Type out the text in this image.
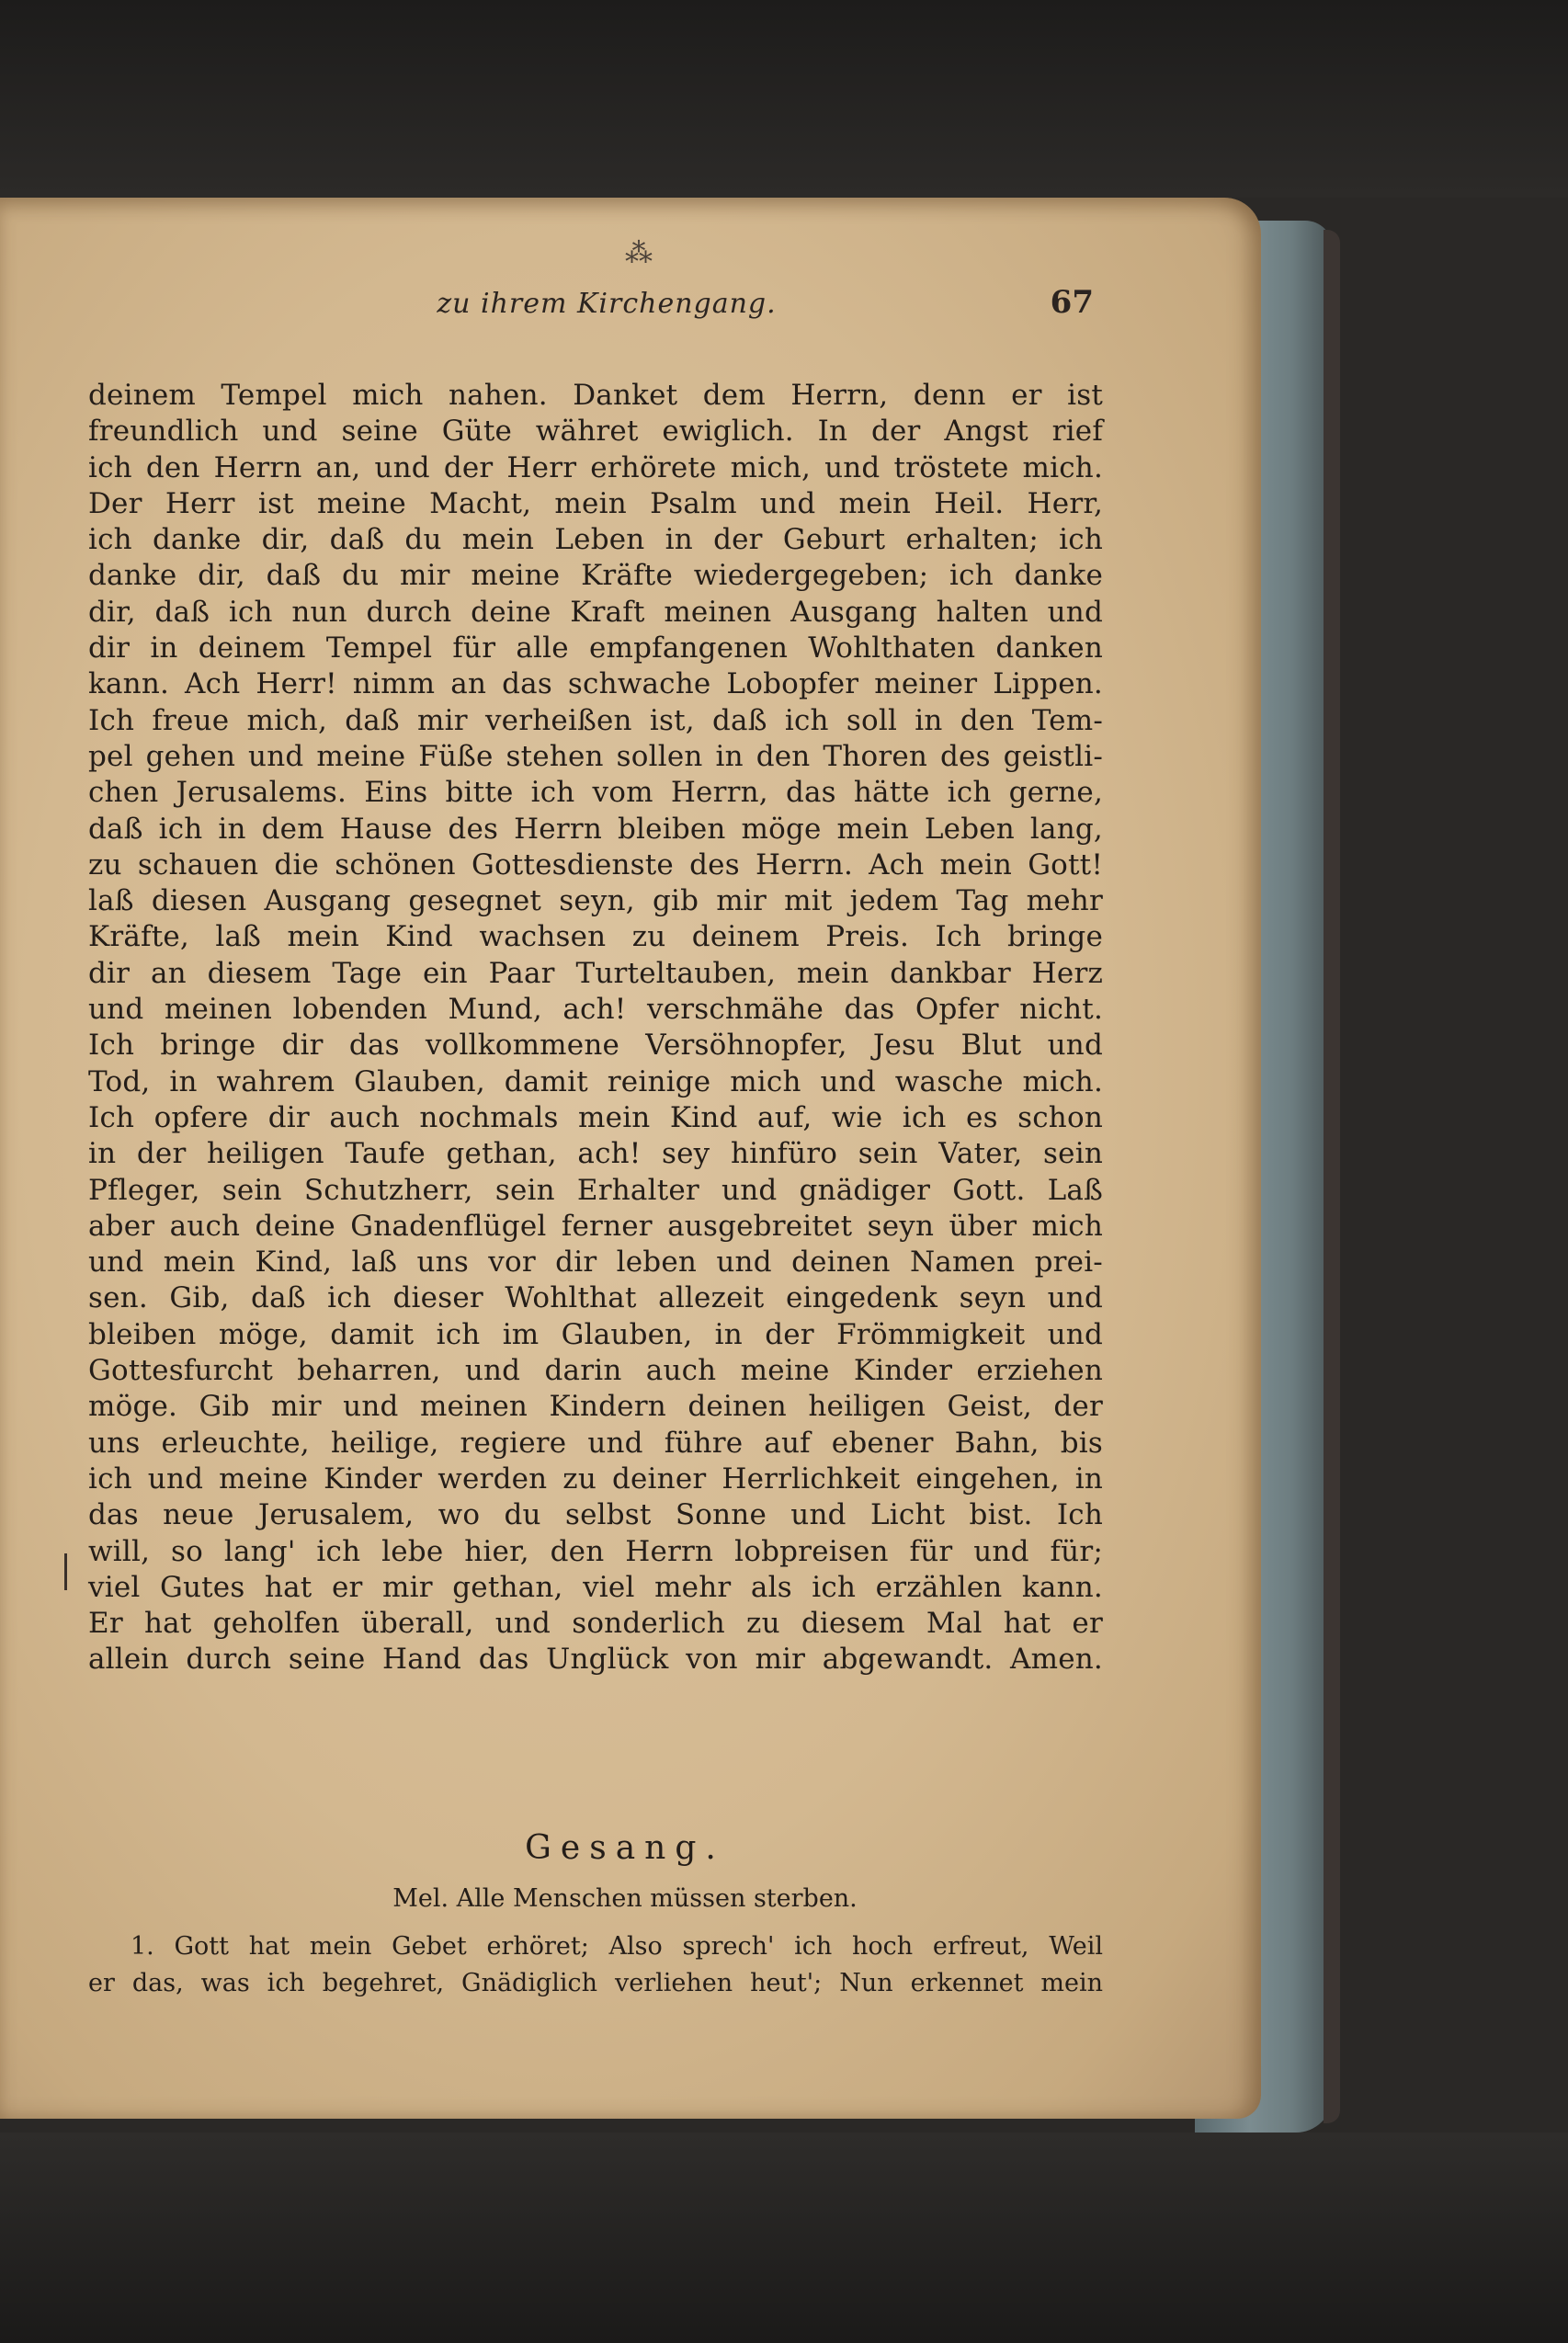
⁂
zu ihrem Kirchengang.	67
deinem Tempel mich nahen. Danket dem Herrn, denn er ist
freundlich und seine Güte währet ewiglich. In der Angst rief
ich den Herrn an, und der Herr erhörete mich, und tröstete mich.
Der Herr ist meine Macht, mein Psalm und mein Heil. Herr,
ich danke dir, daß du mein Leben in der Geburt erhalten; ich
danke dir, daß du mir meine Kräfte wiedergegeben; ich danke
dir, daß ich nun durch deine Kraft meinen Ausgang halten und
dir in deinem Tempel für alle empfangenen Wohlthaten danken
kann. Ach Herr! nimm an das schwache Lobopfer meiner Lippen.
Ich freue mich, daß mir verheißen ist, daß ich soll in den Tem-
pel gehen und meine Füße stehen sollen in den Thoren des geistli-
chen Jerusalems. Eins bitte ich vom Herrn, das hätte ich gerne,
daß ich in dem Hause des Herrn bleiben möge mein Leben lang,
zu schauen die schönen Gottesdienste des Herrn. Ach mein Gott!
laß diesen Ausgang gesegnet seyn, gib mir mit jedem Tag mehr
Kräfte, laß mein Kind wachsen zu deinem Preis. Ich bringe
dir an diesem Tage ein Paar Turteltauben, mein dankbar Herz
und meinen lobenden Mund, ach! verschmähe das Opfer nicht.
Ich bringe dir das vollkommene Versöhnopfer, Jesu Blut und
Tod, in wahrem Glauben, damit reinige mich und wasche mich.
Ich opfere dir auch nochmals mein Kind auf, wie ich es schon
in der heiligen Taufe gethan, ach! sey hinfüro sein Vater, sein
Pfleger, sein Schutzherr, sein Erhalter und gnädiger Gott. Laß
aber auch deine Gnadenflügel ferner ausgebreitet seyn über mich
und mein Kind, laß uns vor dir leben und deinen Namen prei-
sen. Gib, daß ich dieser Wohlthat allezeit eingedenk seyn und
bleiben möge, damit ich im Glauben, in der Frömmigkeit und
Gottesfurcht beharren, und darin auch meine Kinder erziehen
möge. Gib mir und meinen Kindern deinen heiligen Geist, der
uns erleuchte, heilige, regiere und führe auf ebener Bahn, bis
ich und meine Kinder werden zu deiner Herrlichkeit eingehen, in
das neue Jerusalem, wo du selbst Sonne und Licht bist. Ich
will, so lang' ich lebe hier, den Herrn lobpreisen für und für;
viel Gutes hat er mir gethan, viel mehr als ich erzählen kann.
Er hat geholfen überall, und sonderlich zu diesem Mal hat er
allein durch seine Hand das Unglück von mir abgewandt. Amen.
Gesang.
Mel. Alle Menschen müssen sterben.
1. Gott hat mein Gebet erhöret; Also sprech' ich hoch erfreut, Weil
er das, was ich begehret, Gnädiglich verliehen heut'; Nun erkennet mein
